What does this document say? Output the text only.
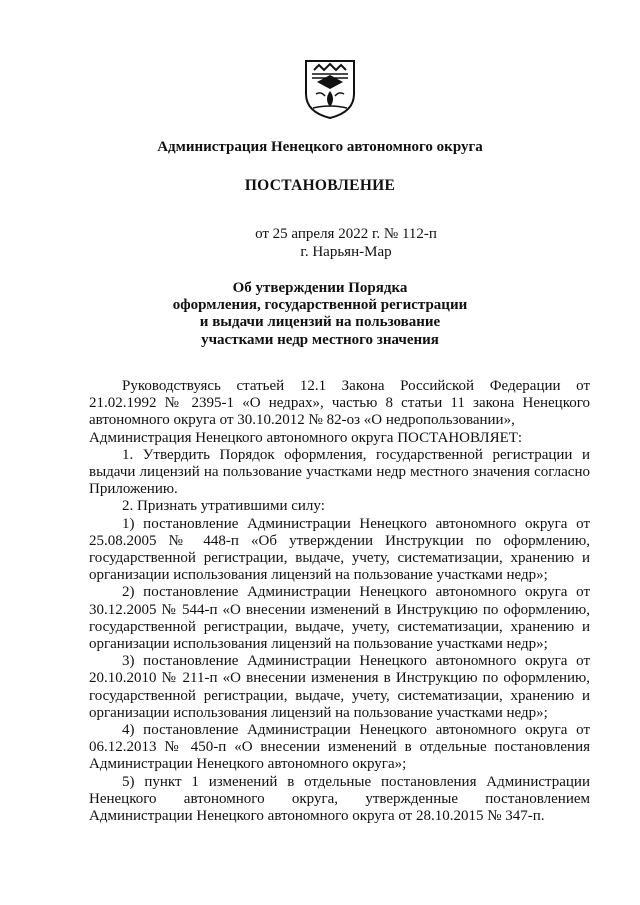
Администрация Ненецкого автономного округа
ПОСТАНОВЛЕНИЕ
от 25 апреля 2022 г. № 112-п
г. Нарьян-Мар
Об утверждении Порядка
оформления, государственной регистрации
и выдачи лицензий на пользование
участками недр местного значения

Руководствуясь статьей 12.1 Закона Российской Федерации от 21.02.1992 № 2395-1 «О недрах», частью 8 статьи 11 закона Ненецкого автономного округа от 30.10.2012 № 82-оз «О недропользовании»,
Администрация Ненецкого автономного округа ПОСТАНОВЛЯЕТ:

1. Утвердить Порядок оформления, государственной регистрации и выдачи лицензий на пользование участками недр местного значения согласно Приложению.

2. Признать утратившими силу:

1) постановление Администрации Ненецкого автономного округа от 25.08.2005 № 448-п «Об утверждении Инструкции по оформлению, государственной регистрации, выдаче, учету, систематизации, хранению и организации использования лицензий на пользование участками недр»;

2) постановление Администрации Ненецкого автономного округа от 30.12.2005 № 544-п «О внесении изменений в Инструкцию по оформлению, государственной регистрации, выдаче, учету, систематизации, хранению и организации использования лицензий на пользование участками недр»;

3) постановление Администрации Ненецкого автономного округа от 20.10.2010 № 211-п «О внесении изменения в Инструкцию по оформлению, государственной регистрации, выдаче, учету, систематизации, хранению и организации использования лицензий на пользование участками недр»;

4) постановление Администрации Ненецкого автономного округа от 06.12.2013 № 450-п «О внесении изменений в отдельные постановления Администрации Ненецкого автономного округа»;

5) пункт 1 изменений в отдельные постановления Администрации Ненецкого автономного округа, утвержденные постановлением Администрации Ненецкого автономного округа от 28.10.2015 № 347-п.
